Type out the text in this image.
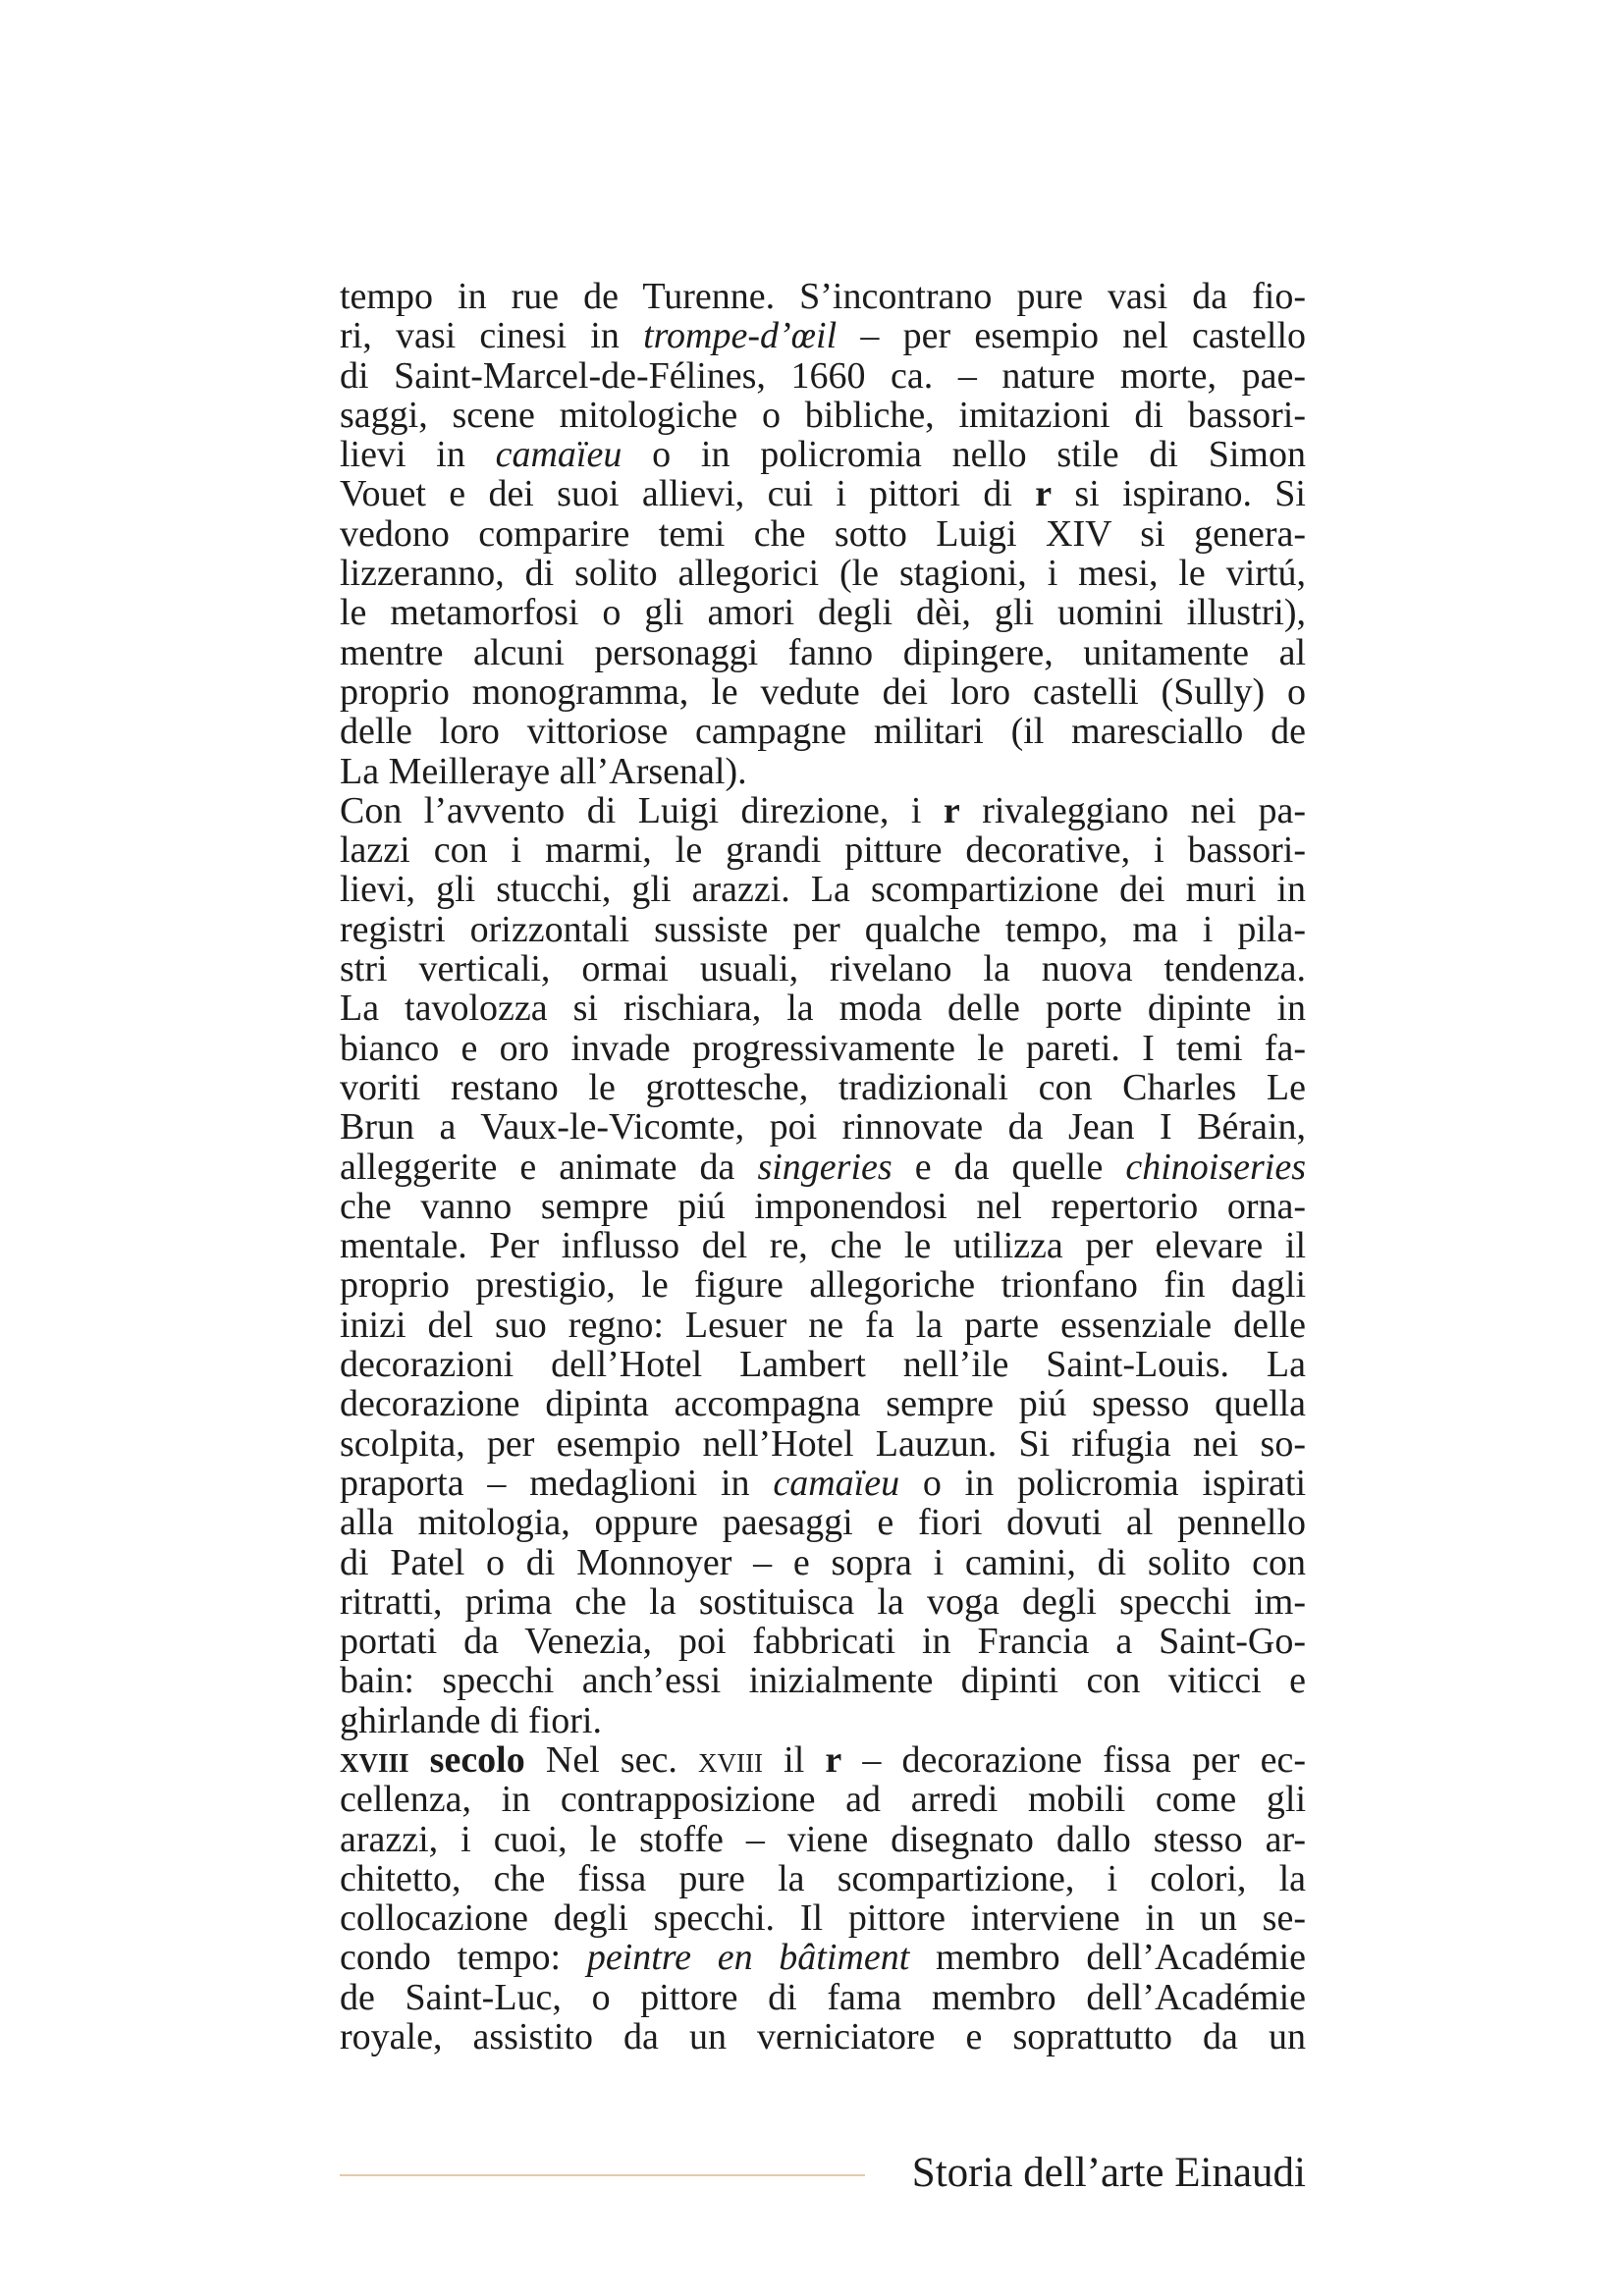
tempo in rue de Turenne. S’incontrano pure vasi da fio-
ri, vasi cinesi in trompe-d’œil – per esempio nel castello
di Saint-Marcel-de-Félines, 1660 ca. – nature morte, pae-
saggi, scene mitologiche o bibliche, imitazioni di bassori-
lievi in camaïeu o in policromia nello stile di Simon
Vouet e dei suoi allievi, cui i pittori di r si ispirano. Si
vedono comparire temi che sotto Luigi XIV si genera-
lizzeranno, di solito allegorici (le stagioni, i mesi, le virtú,
le metamorfosi o gli amori degli dèi, gli uomini illustri),
mentre alcuni personaggi fanno dipingere, unitamente al
proprio monogramma, le vedute dei loro castelli (Sully) o
delle loro vittoriose campagne militari (il maresciallo de
La Meilleraye all’Arsenal).
Con l’avvento di Luigi direzione, i r rivaleggiano nei pa-
lazzi con i marmi, le grandi pitture decorative, i bassori-
lievi, gli stucchi, gli arazzi. La scompartizione dei muri in
registri orizzontali sussiste per qualche tempo, ma i pila-
stri verticali, ormai usuali, rivelano la nuova tendenza.
La tavolozza si rischiara, la moda delle porte dipinte in
bianco e oro invade progressivamente le pareti. I temi fa-
voriti restano le grottesche, tradizionali con Charles Le
Brun a Vaux-le-Vicomte, poi rinnovate da Jean I Bérain,
alleggerite e animate da singeries e da quelle chinoiseries
che vanno sempre piú imponendosi nel repertorio orna-
mentale. Per influsso del re, che le utilizza per elevare il
proprio prestigio, le figure allegoriche trionfano fin dagli
inizi del suo regno: Lesuer ne fa la parte essenziale delle
decorazioni dell’Hotel Lambert nell’ile Saint-Louis. La
decorazione dipinta accompagna sempre piú spesso quella
scolpita, per esempio nell’Hotel Lauzun. Si rifugia nei so-
praporta – medaglioni in camaïeu o in policromia ispirati
alla mitologia, oppure paesaggi e fiori dovuti al pennello
di Patel o di Monnoyer – e sopra i camini, di solito con
ritratti, prima che la sostituisca la voga degli specchi im-
portati da Venezia, poi fabbricati in Francia a Saint-Go-
bain: specchi anch’essi inizialmente dipinti con viticci e
ghirlande di fiori.
xviii secolo Nel sec. xviii il r – decorazione fissa per ec-
cellenza, in contrapposizione ad arredi mobili come gli
arazzi, i cuoi, le stoffe – viene disegnato dallo stesso ar-
chitetto, che fissa pure la scompartizione, i colori, la
collocazione degli specchi. Il pittore interviene in un se-
condo tempo: peintre en bâtiment membro dell’Académie
de Saint-Luc, o pittore di fama membro dell’Académie
royale, assistito da un verniciatore e soprattutto da un
Storia dell’arte Einaudi
